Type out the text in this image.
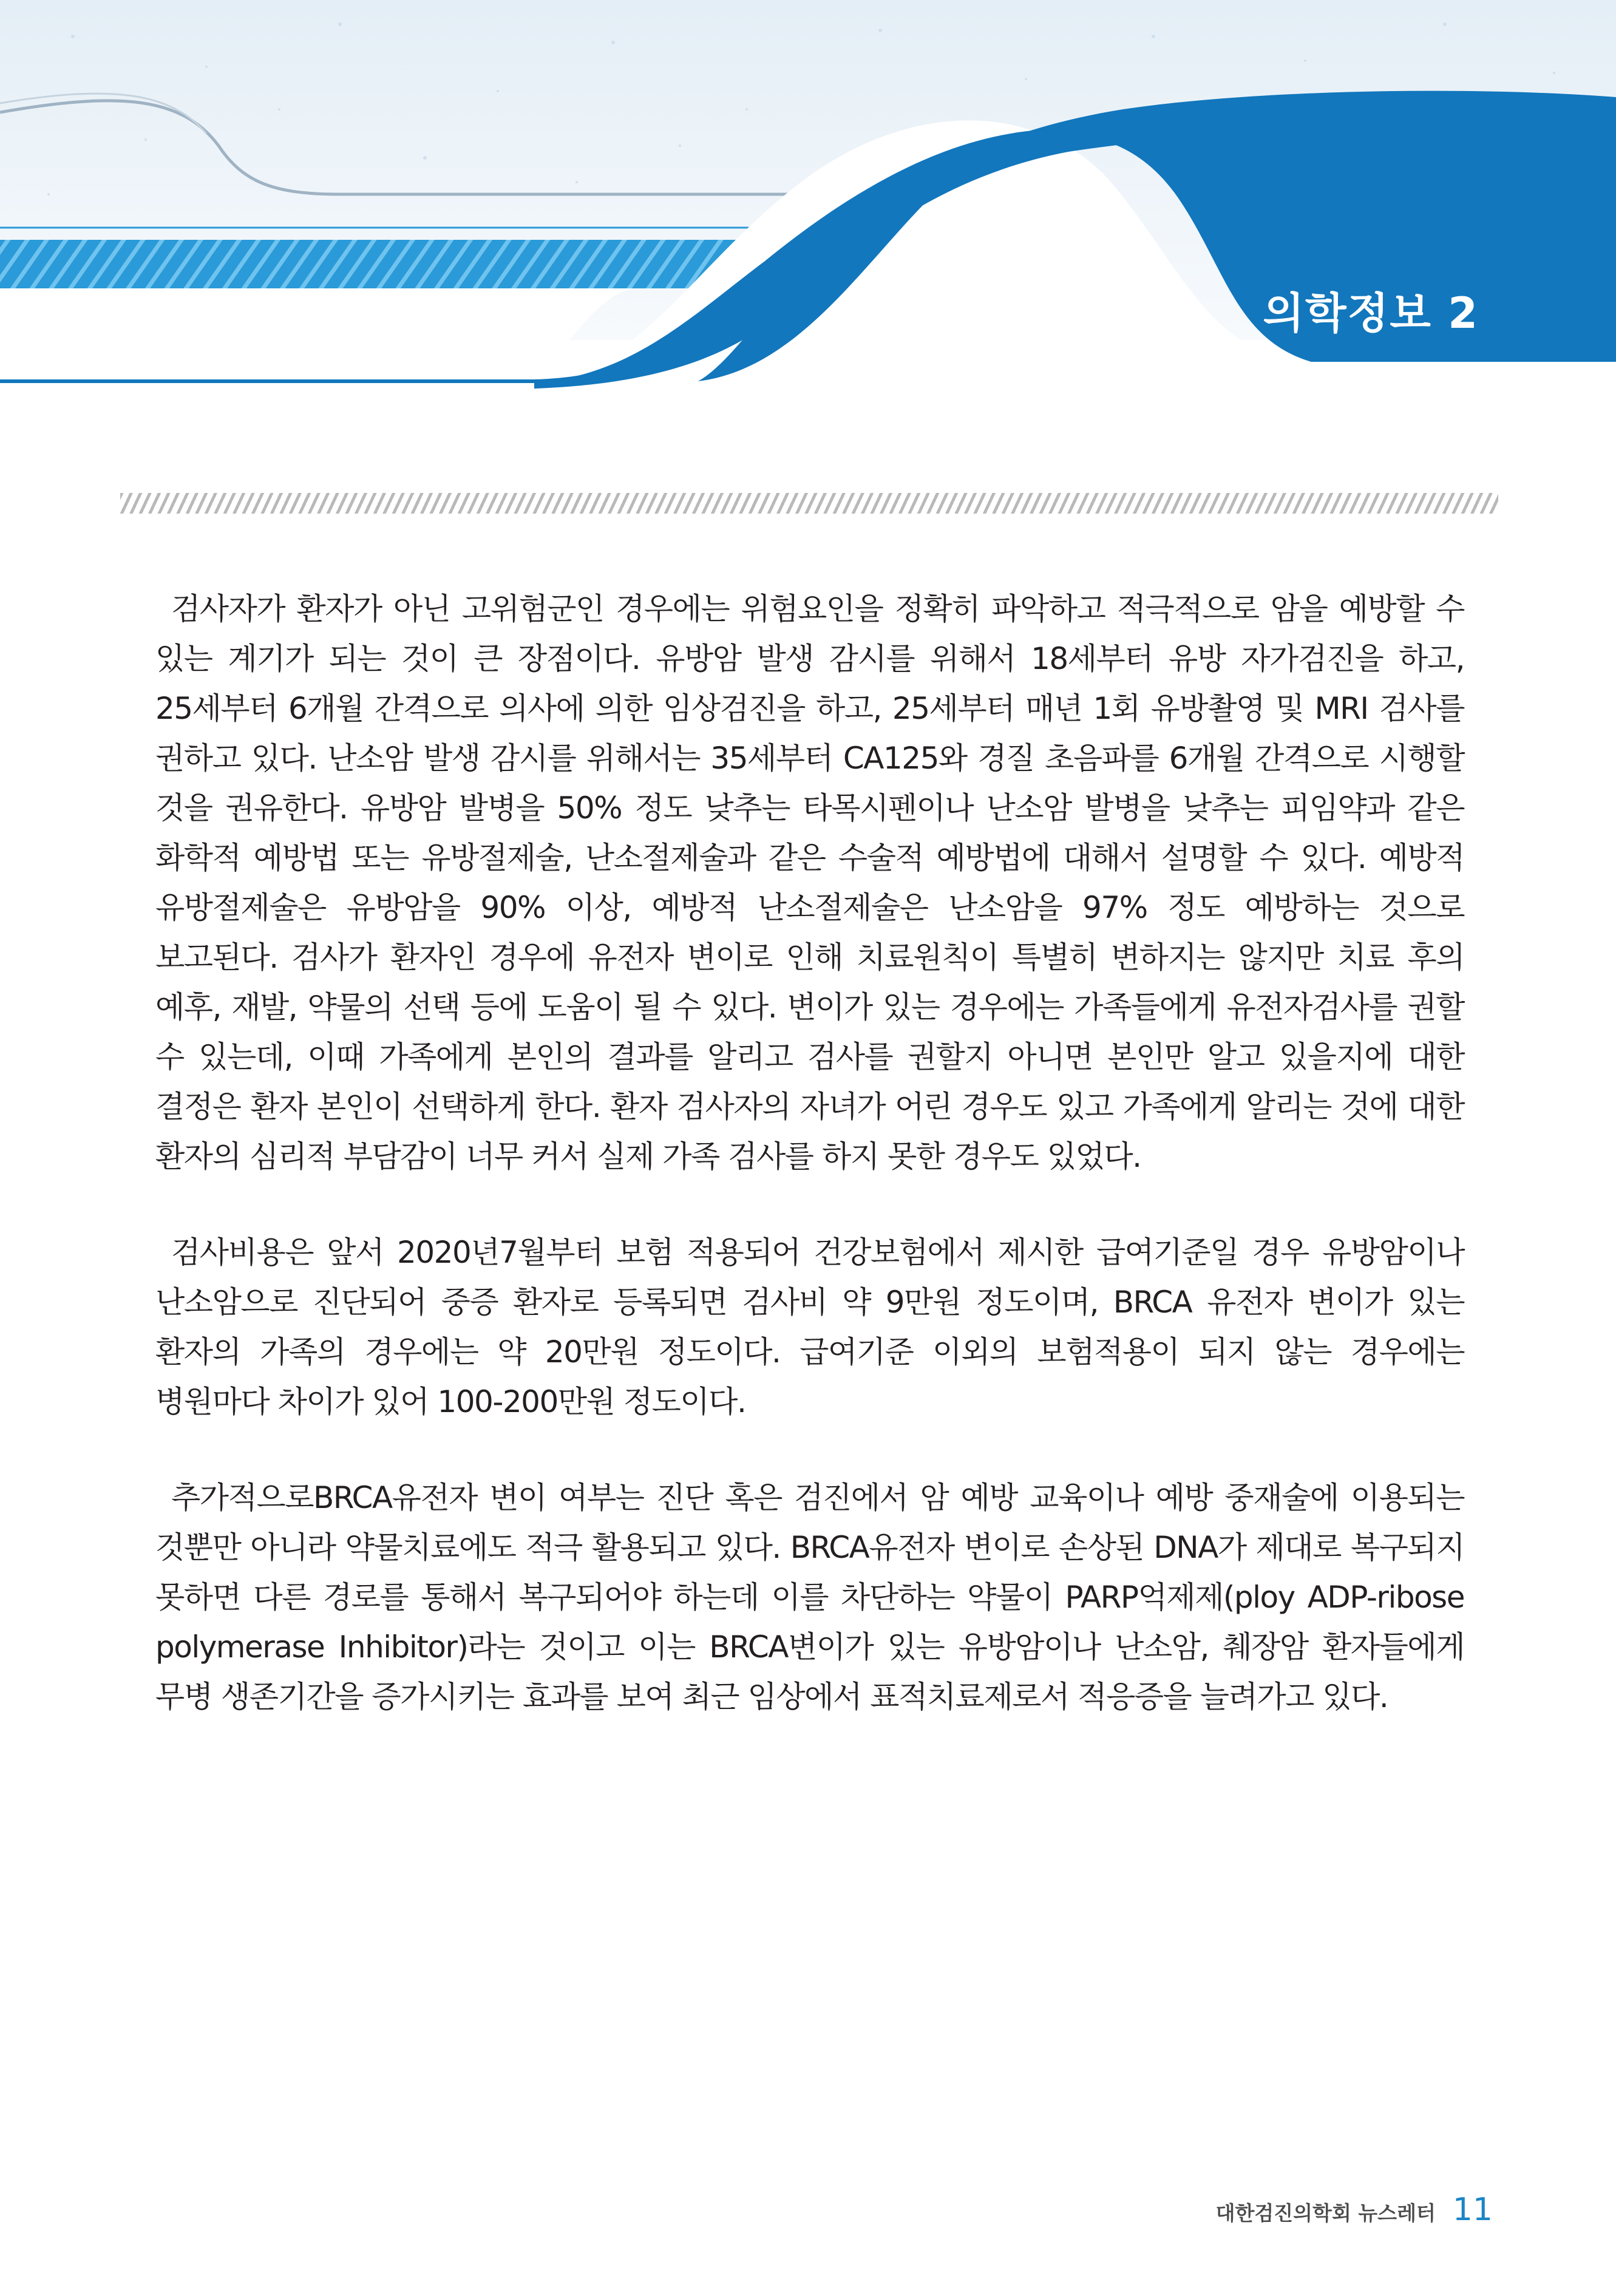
의학정보 2

검사자가 환자가 아닌 고위험군인 경우에는 위험요인을 정확히 파악하고 적극적으로 암을 예방할 수 있는 계기가 되는 것이 큰 장점이다. 유방암 발생 감시를 위해서 18세부터 유방 자가검진을 하고, 25세부터 6개월 간격으로 의사에 의한 임상검진을 하고, 25세부터 매년 1회 유방촬영 및 MRI 검사를 권하고 있다. 난소암 발생 감시를 위해서는 35세부터 CA125와 경질 초음파를 6개월 간격으로 시행할 것을 권유한다. 유방암 발병을 50% 정도 낮추는 타목시펜이나 난소암 발병을 낮추는 피임약과 같은 화학적 예방법 또는 유방절제술, 난소절제술과 같은 수술적 예방법에 대해서 설명할 수 있다. 예방적 유방절제술은 유방암을 90% 이상, 예방적 난소절제술은 난소암을 97% 정도 예방하는 것으로 보고된다. 검사가 환자인 경우에 유전자 변이로 인해 치료원칙이 특별히 변하지는 않지만 치료 후의 예후, 재발, 약물의 선택 등에 도움이 될 수 있다. 변이가 있는 경우에는 가족들에게 유전자검사를 권할 수 있는데, 이때 가족에게 본인의 결과를 알리고 검사를 권할지 아니면 본인만 알고 있을지에 대한 결정은 환자 본인이 선택하게 한다. 환자 검사자의 자녀가 어린 경우도 있고 가족에게 알리는 것에 대한 환자의 심리적 부담감이 너무 커서 실제 가족 검사를 하지 못한 경우도 있었다.

검사비용은 앞서 2020년7월부터 보험 적용되어 건강보험에서 제시한 급여기준일 경우 유방암이나 난소암으로 진단되어 중증 환자로 등록되면 검사비 약 9만원 정도이며, BRCA 유전자 변이가 있는 환자의 가족의 경우에는 약 20만원 정도이다. 급여기준 이외의 보험적용이 되지 않는 경우에는 병원마다 차이가 있어 100-200만원 정도이다.

추가적으로BRCA유전자 변이 여부는 진단 혹은 검진에서 암 예방 교육이나 예방 중재술에 이용되는 것뿐만 아니라 약물치료에도 적극 활용되고 있다. BRCA유전자 변이로 손상된 DNA가 제대로 복구되지 못하면 다른 경로를 통해서 복구되어야 하는데 이를 차단하는 약물이 PARP억제제(ploy ADP-ribose polymerase Inhibitor)라는 것이고 이는 BRCA변이가 있는 유방암이나 난소암, 췌장암 환자들에게 무병 생존기간을 증가시키는 효과를 보여 최근 임상에서 표적치료제로서 적응증을 늘려가고 있다.

대한검진의학회 뉴스레터 11
